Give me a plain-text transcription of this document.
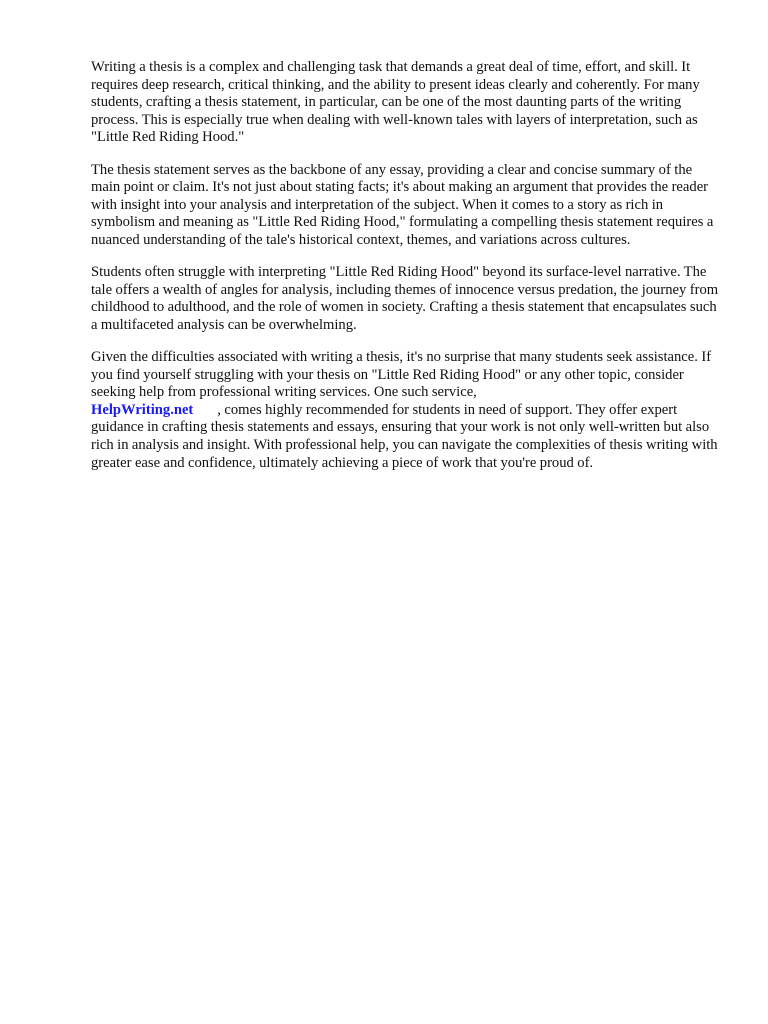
Writing a thesis is a complex and challenging task that demands a great deal of time, effort, and skill. It requires deep research, critical thinking, and the ability to present ideas clearly and coherently. For many students, crafting a thesis statement, in particular, can be one of the most daunting parts of the writing process. This is especially true when dealing with well-known tales with layers of interpretation, such as "Little Red Riding Hood."

The thesis statement serves as the backbone of any essay, providing a clear and concise summary of the main point or claim. It's not just about stating facts; it's about making an argument that provides the reader with insight into your analysis and interpretation of the subject. When it comes to a story as rich in symbolism and meaning as "Little Red Riding Hood," formulating a compelling thesis statement requires a nuanced understanding of the tale's historical context, themes, and variations across cultures.

Students often struggle with interpreting "Little Red Riding Hood" beyond its surface-level narrative. The tale offers a wealth of angles for analysis, including themes of innocence versus predation, the journey from childhood to adulthood, and the role of women in society. Crafting a thesis statement that encapsulates such a multifaceted analysis can be overwhelming.

Given the difficulties associated with writing a thesis, it's no surprise that many students seek assistance. If you find yourself struggling with your thesis on "Little Red Riding Hood" or any other topic, consider seeking help from professional writing services. One such service,
HelpWriting.net , comes highly recommended for students in need of support. They offer expert guidance in crafting thesis statements and essays, ensuring that your work is not only well-written but also rich in analysis and insight. With professional help, you can navigate the complexities of thesis writing with greater ease and confidence, ultimately achieving a piece of work that you're proud of.
